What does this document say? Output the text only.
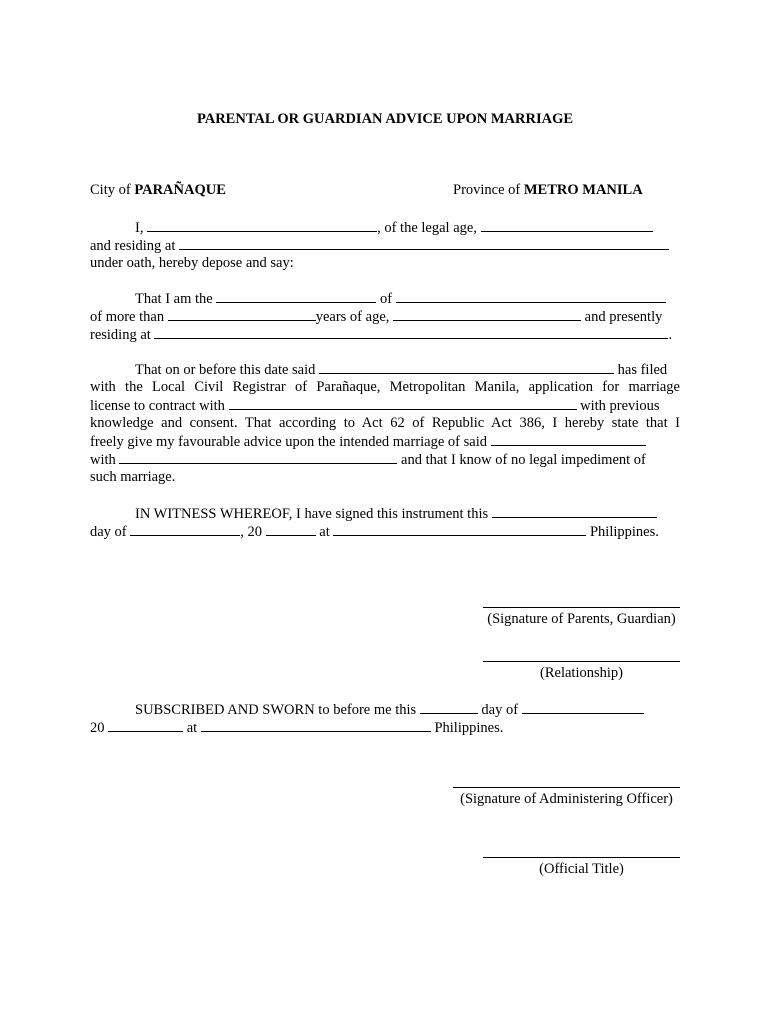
PARENTAL OR GUARDIAN ADVICE UPON MARRIAGE
City of PARAÑAQUE	Province of METRO MANILA
I,	, of the legal age,
and residing at
under oath, hereby depose and say:
That I am the	of
of more than	years of age,	and presently
residing at	.
That on or before this date said	has filed
with the Local Civil Registrar of Parañaque, Metropolitan Manila, application for marriage
license to contract with	with previous
knowledge and consent. That according to Act 62 of Republic Act 386, I hereby state that I
freely give my favourable advice upon the intended marriage of said
with	and that I know of no legal impediment of
such marriage.
IN WITNESS WHEREOF, I have signed this instrument this
day of	, 20	at	Philippines.
(Signature of Parents, Guardian)
(Relationship)
SUBSCRIBED AND SWORN to before me this	day of
20	at	Philippines.
(Signature of Administering Officer)
(Official Title)
